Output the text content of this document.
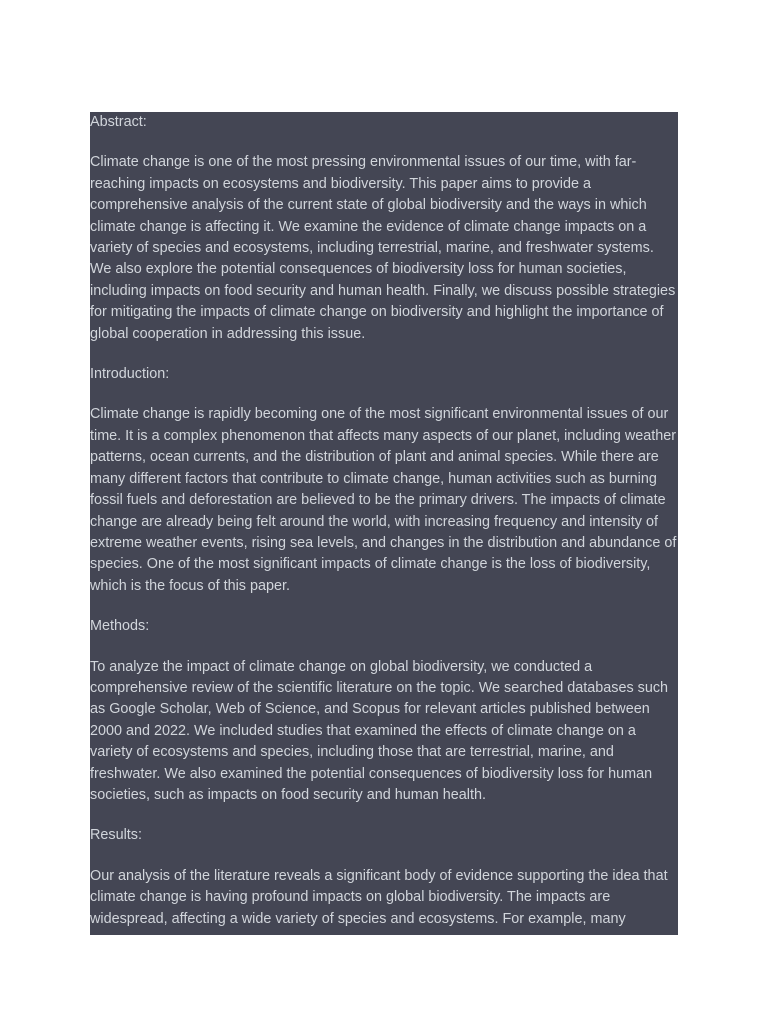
Abstract:

Climate change is one of the most pressing environmental issues of our time, with far-reaching impacts on ecosystems and biodiversity. This paper aims to provide a comprehensive analysis of the current state of global biodiversity and the ways in which climate change is affecting it. We examine the evidence of climate change impacts on a variety of species and ecosystems, including terrestrial, marine, and freshwater systems. We also explore the potential consequences of biodiversity loss for human societies, including impacts on food security and human health. Finally, we discuss possible strategies for mitigating the impacts of climate change on biodiversity and highlight the importance of global cooperation in addressing this issue.

Introduction:

Climate change is rapidly becoming one of the most significant environmental issues of our time. It is a complex phenomenon that affects many aspects of our planet, including weather patterns, ocean currents, and the distribution of plant and animal species. While there are many different factors that contribute to climate change, human activities such as burning fossil fuels and deforestation are believed to be the primary drivers. The impacts of climate change are already being felt around the world, with increasing frequency and intensity of extreme weather events, rising sea levels, and changes in the distribution and abundance of species. One of the most significant impacts of climate change is the loss of biodiversity, which is the focus of this paper.

Methods:

To analyze the impact of climate change on global biodiversity, we conducted a comprehensive review of the scientific literature on the topic. We searched databases such as Google Scholar, Web of Science, and Scopus for relevant articles published between 2000 and 2022. We included studies that examined the effects of climate change on a variety of ecosystems and species, including those that are terrestrial, marine, and freshwater. We also examined the potential consequences of biodiversity loss for human societies, such as impacts on food security and human health.

Results:

Our analysis of the literature reveals a significant body of evidence supporting the idea that climate change is having profound impacts on global biodiversity. The impacts are widespread, affecting a wide variety of species and ecosystems. For example, many
